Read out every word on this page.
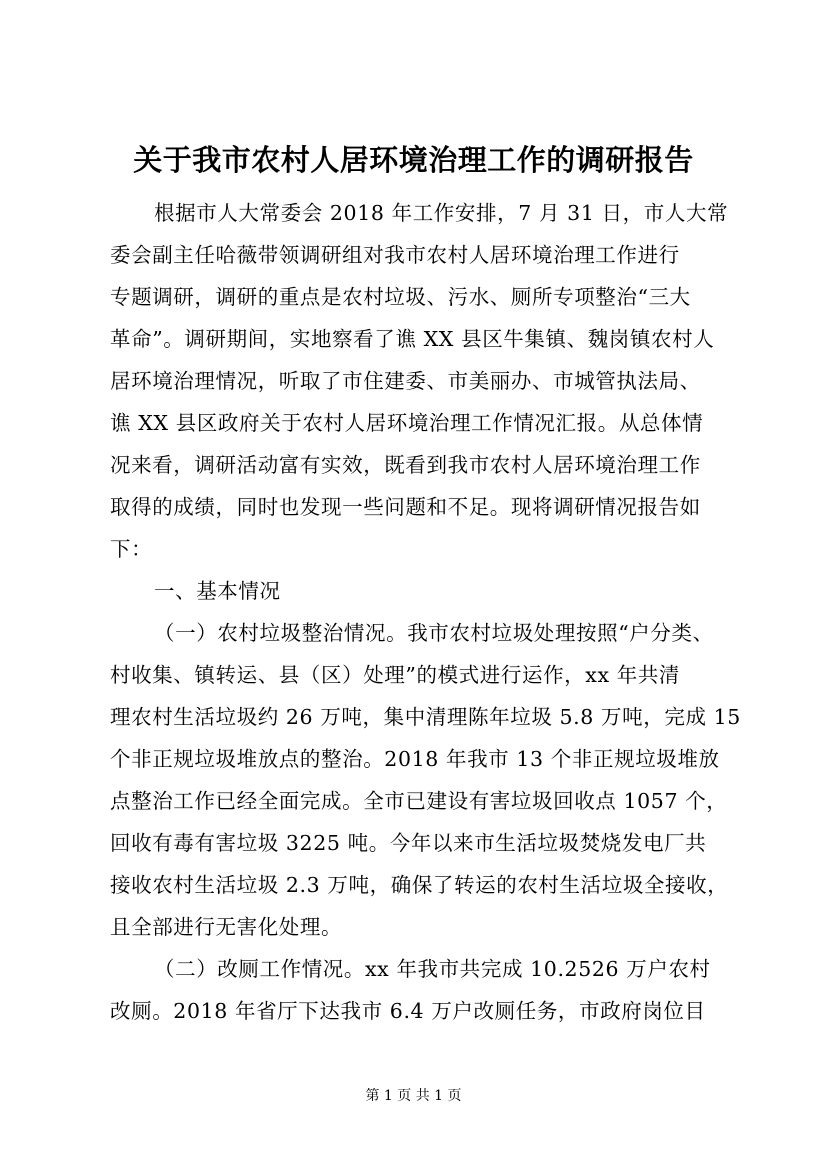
关于我市农村人居环境治理工作的调研报告
根据市人大常委会 2018 年工作安排，7 月 31 日，市人大常
委会副主任哈薇带领调研组对我市农村人居环境治理工作进行
专题调研，调研的重点是农村垃圾、污水、厕所专项整治“三大
革命”。调研期间，实地察看了谯 XX 县区牛集镇、魏岗镇农村人
居环境治理情况，听取了市住建委、市美丽办、市城管执法局、
谯 XX 县区政府关于农村人居环境治理工作情况汇报。从总体情
况来看，调研活动富有实效，既看到我市农村人居环境治理工作
取得的成绩，同时也发现一些问题和不足。现将调研情况报告如
下：
一、基本情况
（一）农村垃圾整治情况。我市农村垃圾处理按照“户分类、
村收集、镇转运、县（区）处理”的模式进行运作，xx 年共清
理农村生活垃圾约 26 万吨，集中清理陈年垃圾 5.8 万吨，完成 15
个非正规垃圾堆放点的整治。2018 年我市 13 个非正规垃圾堆放
点整治工作已经全面完成。全市已建设有害垃圾回收点 1057 个，
回收有毒有害垃圾 3225 吨。今年以来市生活垃圾焚烧发电厂共
接收农村生活垃圾 2.3 万吨，确保了转运的农村生活垃圾全接收，
且全部进行无害化处理。
（二）改厕工作情况。xx 年我市共完成 10.2526 万户农村
改厕。2018 年省厅下达我市 6.4 万户改厕任务，市政府岗位目
第 1 页 共 1 页
